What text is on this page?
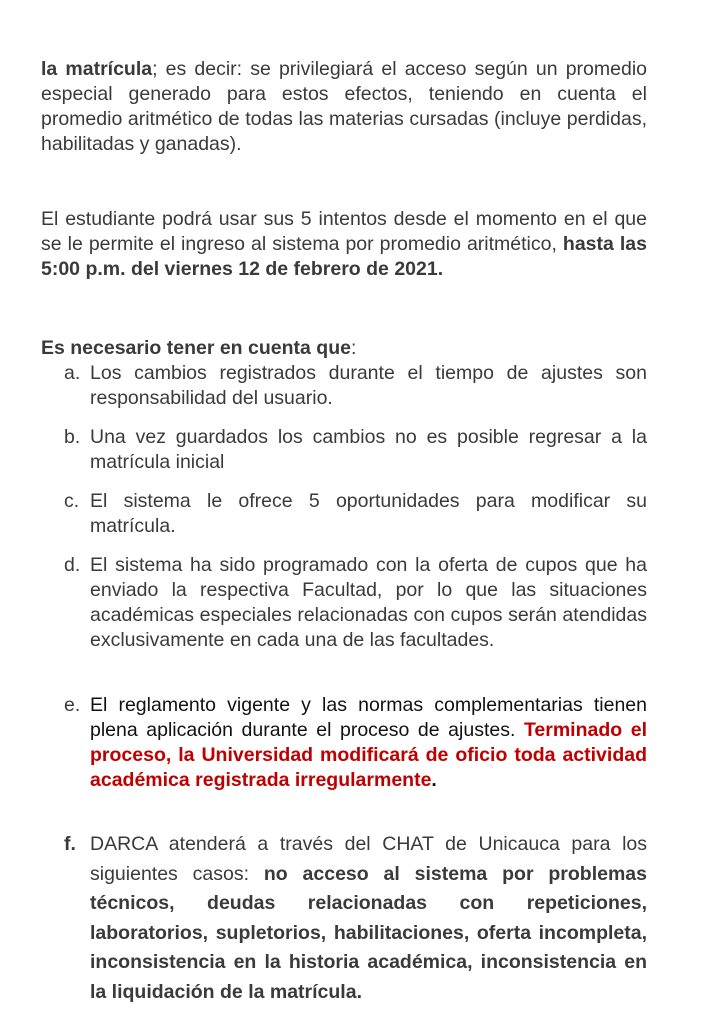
la matrícula; es decir: se privilegiará el acceso según un promedio especial generado para estos efectos, teniendo en cuenta el promedio aritmético de todas las materias cursadas (incluye perdidas, habilitadas y ganadas).

El estudiante podrá usar sus 5 intentos desde el momento en el que se le permite el ingreso al sistema por promedio aritmético, hasta las 5:00 p.m. del viernes 12 de febrero de 2021.

Es necesario tener en cuenta que:

a. Los cambios registrados durante el tiempo de ajustes son responsabilidad del usuario.
b. Una vez guardados los cambios no es posible regresar a la matrícula inicial
c. El sistema le ofrece 5 oportunidades para modificar su matrícula.
d. El sistema ha sido programado con la oferta de cupos que ha enviado la respectiva Facultad, por lo que las situaciones académicas especiales relacionadas con cupos serán atendidas exclusivamente en cada una de las facultades.
e. El reglamento vigente y las normas complementarias tienen plena aplicación durante el proceso de ajustes. Terminado el proceso, la Universidad modificará de oficio toda actividad académica registrada irregularmente.
f. DARCA atenderá a través del CHAT de Unicauca para los siguientes casos: no acceso al sistema por problemas técnicos, deudas relacionadas con repeticiones, laboratorios, supletorios, habilitaciones, oferta incompleta, inconsistencia en la historia académica, inconsistencia en la liquidación de la matrícula.
